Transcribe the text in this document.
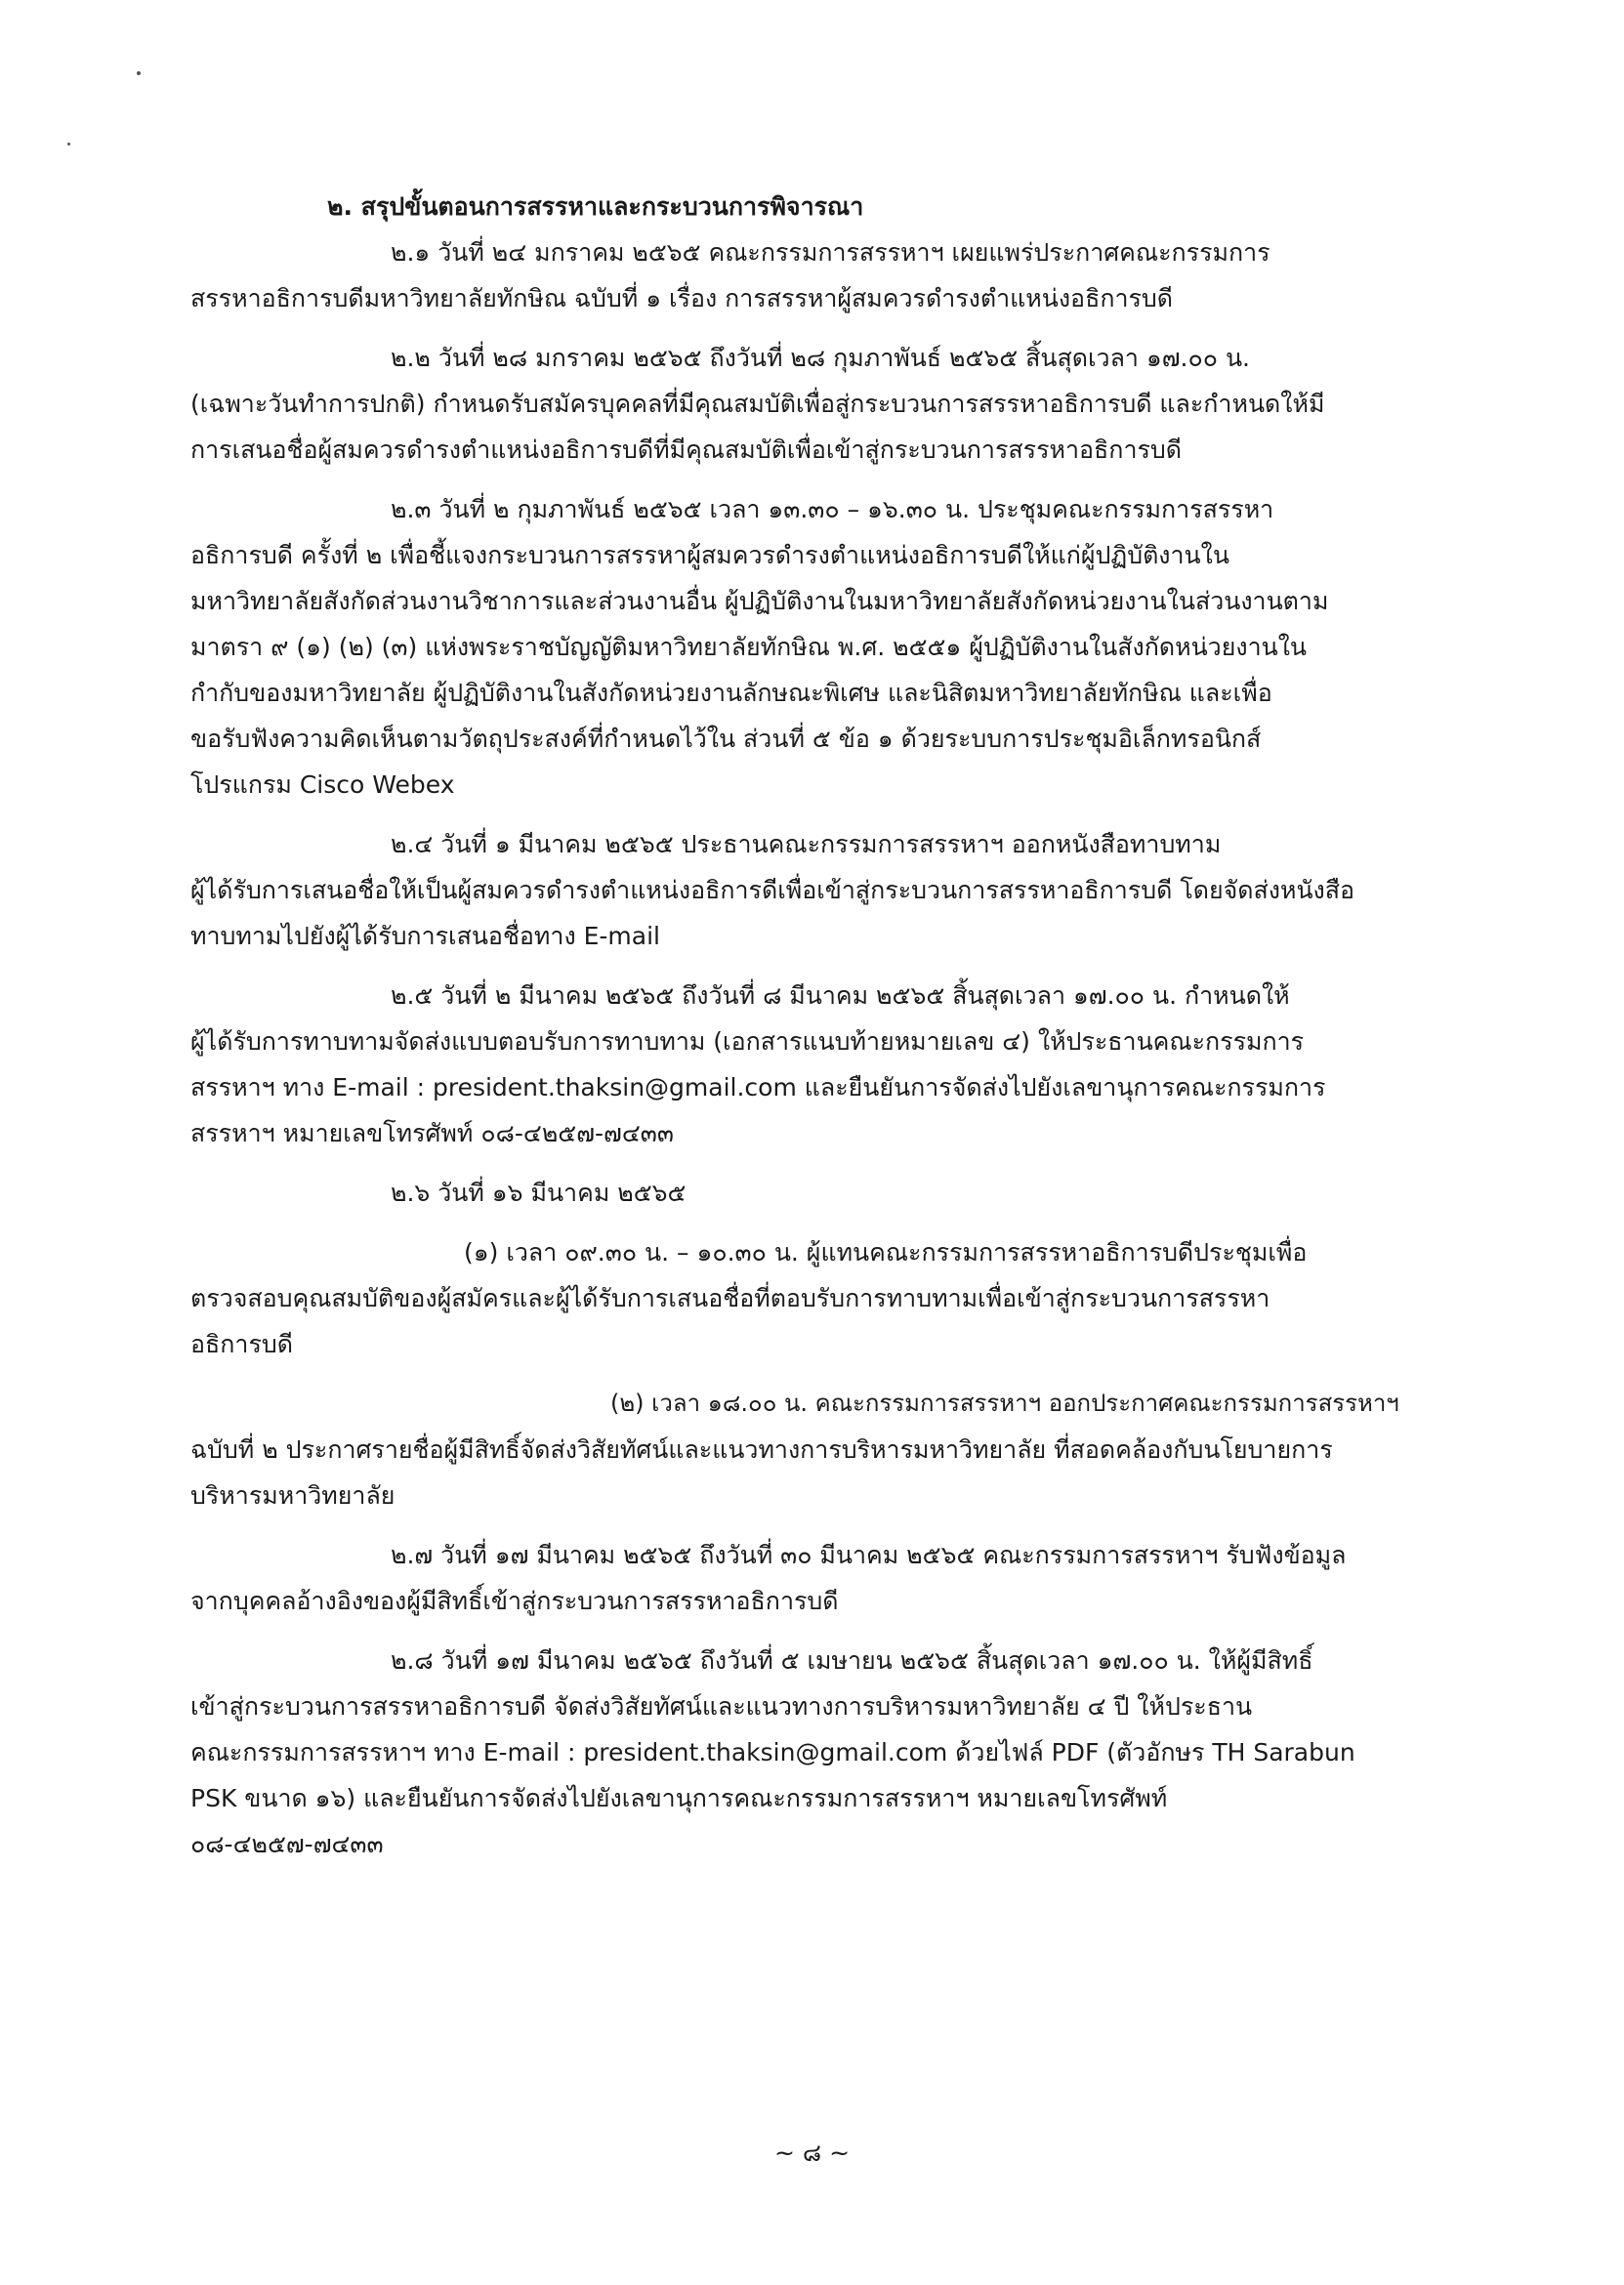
๒. สรุปขั้นตอนการสรรหาและกระบวนการพิจารณา
๒.๑ วันที่ ๒๔ มกราคม ๒๕๖๕ คณะกรรมการสรรหาฯ เผยแพร่ประกาศคณะกรรมการ
สรรหาอธิการบดีมหาวิทยาลัยทักษิณ ฉบับที่ ๑ เรื่อง การสรรหาผู้สมควรดำรงตำแหน่งอธิการบดี
๒.๒ วันที่ ๒๘ มกราคม ๒๕๖๕ ถึงวันที่ ๒๘ กุมภาพันธ์ ๒๕๖๕ สิ้นสุดเวลา ๑๗.๐๐ น.
(เฉพาะวันทำการปกติ) กำหนดรับสมัครบุคคลที่มีคุณสมบัติเพื่อสู่กระบวนการสรรหาอธิการบดี และกำหนดให้มี
การเสนอชื่อผู้สมควรดำรงตำแหน่งอธิการบดีที่มีคุณสมบัติเพื่อเข้าสู่กระบวนการสรรหาอธิการบดี
๒.๓ วันที่ ๒ กุมภาพันธ์ ๒๕๖๕ เวลา ๑๓.๓๐ – ๑๖.๓๐ น. ประชุมคณะกรรมการสรรหา
อธิการบดี ครั้งที่ ๒ เพื่อชี้แจงกระบวนการสรรหาผู้สมควรดำรงตำแหน่งอธิการบดีให้แก่ผู้ปฏิบัติงานใน
มหาวิทยาลัยสังกัดส่วนงานวิชาการและส่วนงานอื่น ผู้ปฏิบัติงานในมหาวิทยาลัยสังกัดหน่วยงานในส่วนงานตาม
มาตรา ๙ (๑) (๒) (๓) แห่งพระราชบัญญัติมหาวิทยาลัยทักษิณ พ.ศ. ๒๕๕๑ ผู้ปฏิบัติงานในสังกัดหน่วยงานใน
กำกับของมหาวิทยาลัย ผู้ปฏิบัติงานในสังกัดหน่วยงานลักษณะพิเศษ และนิสิตมหาวิทยาลัยทักษิณ และเพื่อ
ขอรับฟังความคิดเห็นตามวัตถุประสงค์ที่กำหนดไว้ใน ส่วนที่ ๕ ข้อ ๑ ด้วยระบบการประชุมอิเล็กทรอนิกส์
โปรแกรม Cisco Webex
๒.๔ วันที่ ๑ มีนาคม ๒๕๖๕ ประธานคณะกรรมการสรรหาฯ ออกหนังสือทาบทาม
ผู้ได้รับการเสนอชื่อให้เป็นผู้สมควรดำรงตำแหน่งอธิการดีเพื่อเข้าสู่กระบวนการสรรหาอธิการบดี โดยจัดส่งหนังสือ
ทาบทามไปยังผู้ได้รับการเสนอชื่อทาง E-mail
๒.๕ วันที่ ๒ มีนาคม ๒๕๖๕ ถึงวันที่ ๘ มีนาคม ๒๕๖๕ สิ้นสุดเวลา ๑๗.๐๐ น. กำหนดให้
ผู้ได้รับการทาบทามจัดส่งแบบตอบรับการทาบทาม (เอกสารแนบท้ายหมายเลข ๔) ให้ประธานคณะกรรมการ
สรรหาฯ ทาง E-mail : president.thaksin@gmail.com และยืนยันการจัดส่งไปยังเลขานุการคณะกรรมการ
สรรหาฯ หมายเลขโทรศัพท์ ๐๘-๔๒๕๗-๗๔๓๓
๒.๖ วันที่ ๑๖ มีนาคม ๒๕๖๕
(๑) เวลา ๐๙.๓๐ น. – ๑๐.๓๐ น. ผู้แทนคณะกรรมการสรรหาอธิการบดีประชุมเพื่อ
ตรวจสอบคุณสมบัติของผู้สมัครและผู้ได้รับการเสนอชื่อที่ตอบรับการทาบทามเพื่อเข้าสู่กระบวนการสรรหา
อธิการบดี
(๒) เวลา ๑๘.๐๐ น. คณะกรรมการสรรหาฯ ออกประกาศคณะกรรมการสรรหาฯ
ฉบับที่ ๒ ประกาศรายชื่อผู้มีสิทธิ์จัดส่งวิสัยทัศน์และแนวทางการบริหารมหาวิทยาลัย ที่สอดคล้องกับนโยบายการ
บริหารมหาวิทยาลัย
๒.๗ วันที่ ๑๗ มีนาคม ๒๕๖๕ ถึงวันที่ ๓๐ มีนาคม ๒๕๖๕ คณะกรรมการสรรหาฯ รับฟังข้อมูล
จากบุคคลอ้างอิงของผู้มีสิทธิ์เข้าสู่กระบวนการสรรหาอธิการบดี
๒.๘ วันที่ ๑๗ มีนาคม ๒๕๖๕ ถึงวันที่ ๕ เมษายน ๒๕๖๕ สิ้นสุดเวลา ๑๗.๐๐ น. ให้ผู้มีสิทธิ์
เข้าสู่กระบวนการสรรหาอธิการบดี จัดส่งวิสัยทัศน์และแนวทางการบริหารมหาวิทยาลัย ๔ ปี ให้ประธาน
คณะกรรมการสรรหาฯ ทาง E-mail : president.thaksin@gmail.com ด้วยไฟล์ PDF (ตัวอักษร TH Sarabun
PSK ขนาด ๑๖) และยืนยันการจัดส่งไปยังเลขานุการคณะกรรมการสรรหาฯ หมายเลขโทรศัพท์
๐๘-๔๒๕๗-๗๔๓๓
~ ๘ ~
